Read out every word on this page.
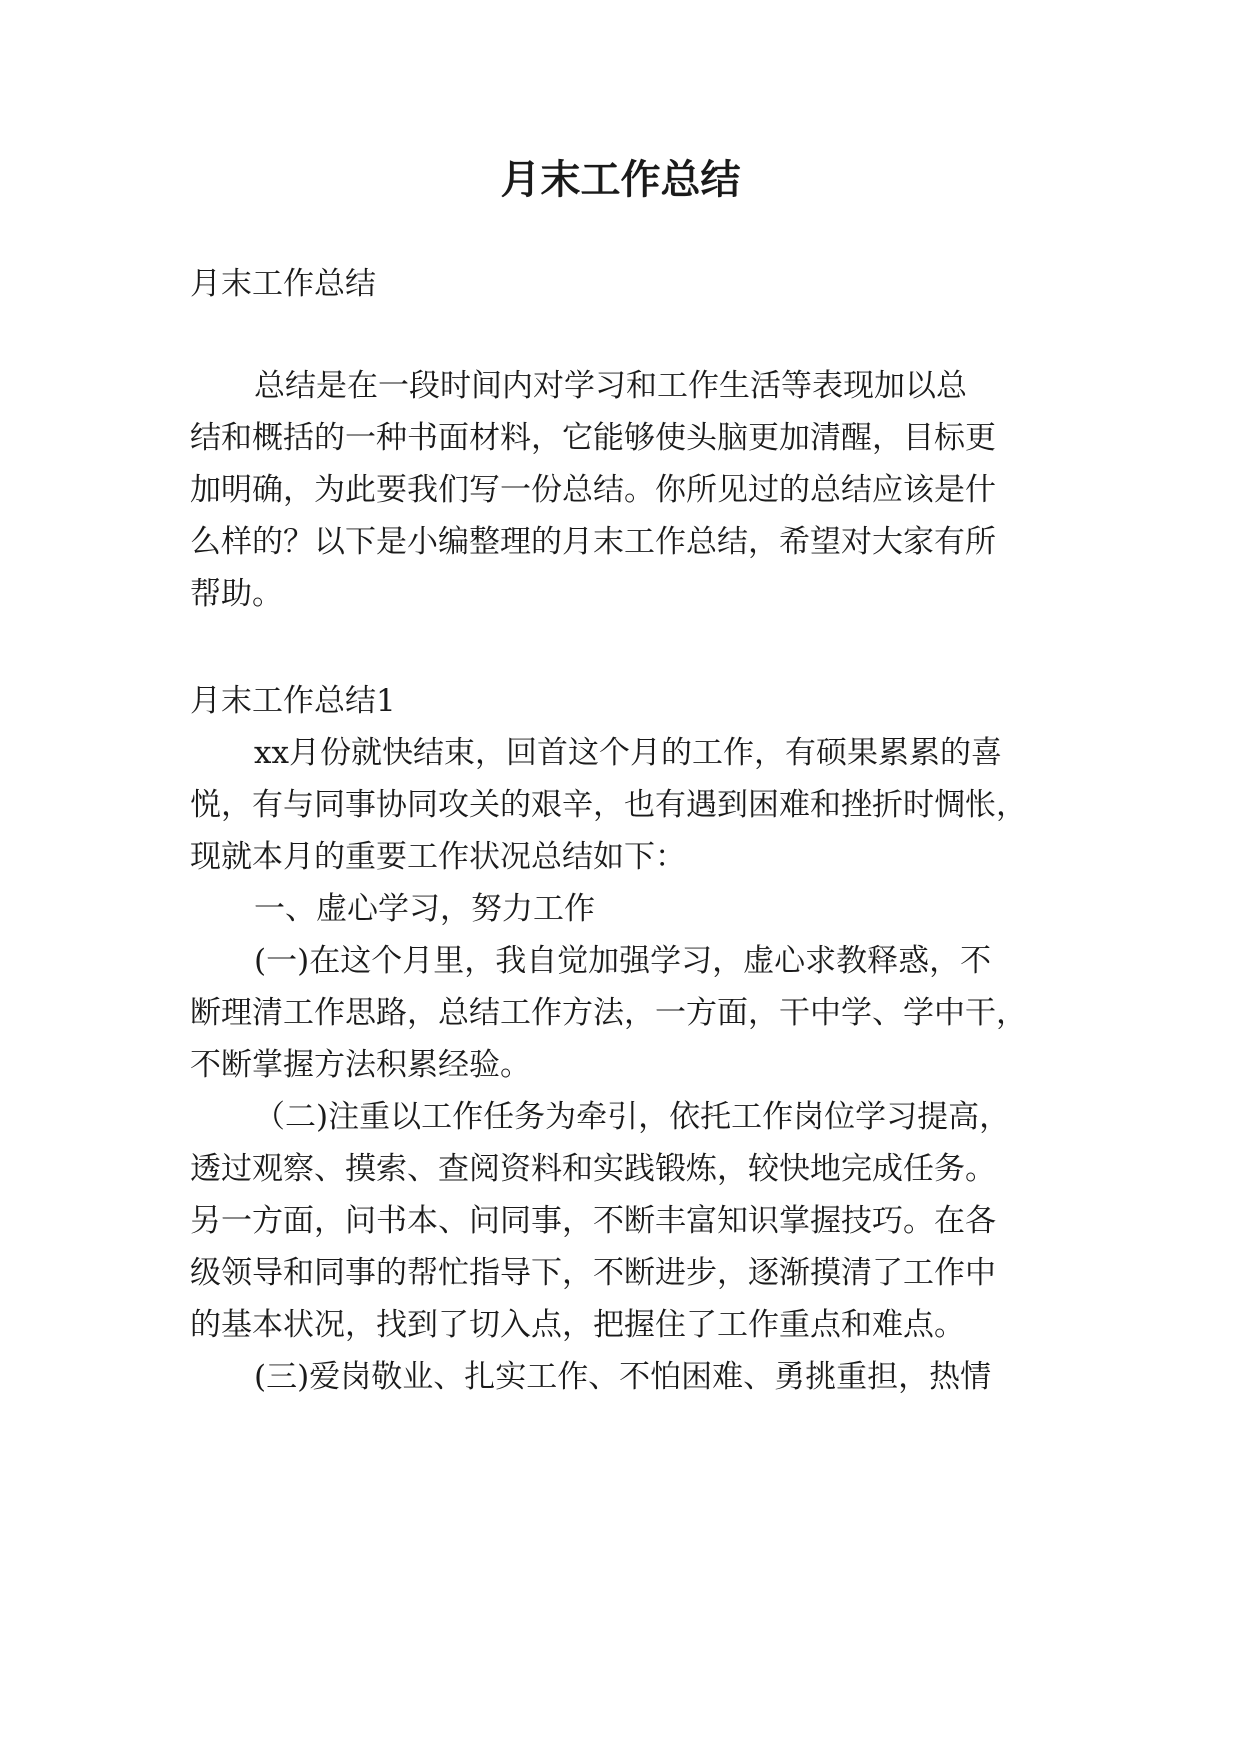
月末工作总结

月末工作总结

总结是在一段时间内对学习和工作生活等表现加以总

结和概括的一种书面材料，它能够使头脑更加清醒，目标更

加明确，为此要我们写一份总结。你所见过的总结应该是什

么样的？以下是小编整理的月末工作总结，希望对大家有所

帮助。

月末工作总结1

xx月份就快结束，回首这个月的工作，有硕果累累的喜

悦，有与同事协同攻关的艰辛，也有遇到困难和挫折时惆怅，

现就本月的重要工作状况总结如下：

一、虚心学习，努力工作

(一)在这个月里，我自觉加强学习，虚心求教释惑，不

断理清工作思路，总结工作方法，一方面，干中学、学中干，

不断掌握方法积累经验。

（二)注重以工作任务为牵引，依托工作岗位学习提高，

透过观察、摸索、查阅资料和实践锻炼，较快地完成任务。

另一方面，问书本、问同事，不断丰富知识掌握技巧。在各

级领导和同事的帮忙指导下，不断进步，逐渐摸清了工作中

的基本状况，找到了切入点，把握住了工作重点和难点。

(三)爱岗敬业、扎实工作、不怕困难、勇挑重担，热情
